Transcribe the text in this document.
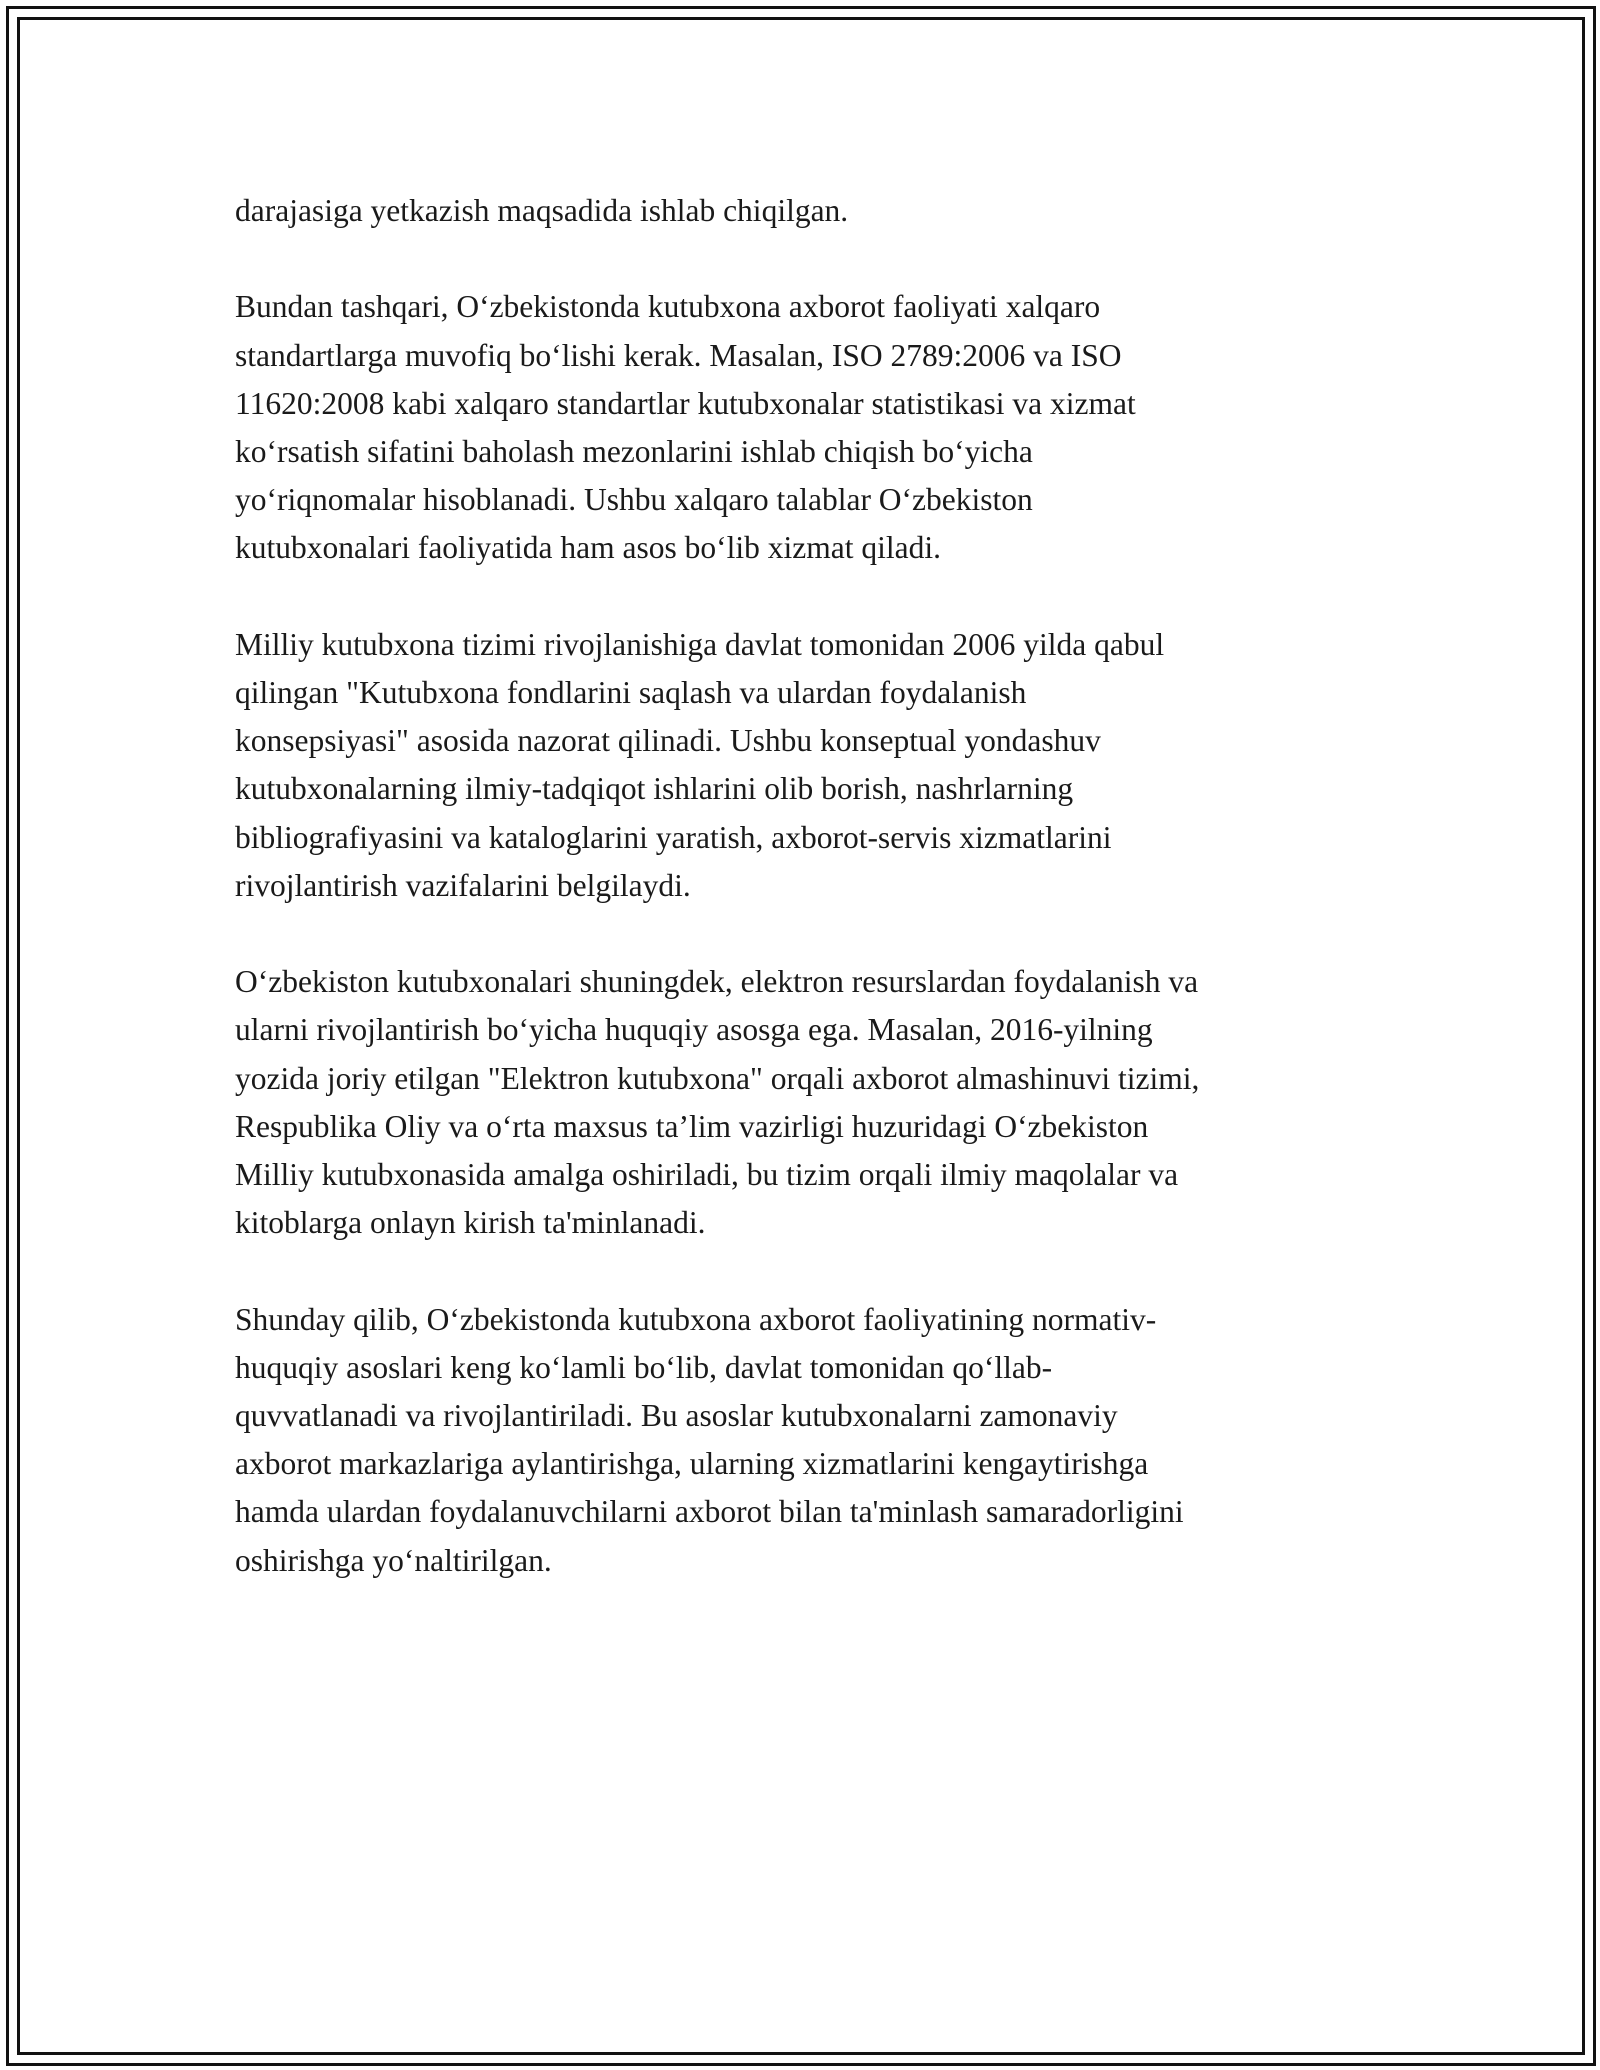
darajasiga yetkazish maqsadida ishlab chiqilgan.

Bundan tashqari, O‘zbekistonda kutubxona axborot faoliyati xalqaro
standartlarga muvofiq bo‘lishi kerak. Masalan, ISO 2789:2006 va ISO
11620:2008 kabi xalqaro standartlar kutubxonalar statistikasi va xizmat
ko‘rsatish sifatini baholash mezonlarini ishlab chiqish bo‘yicha
yo‘riqnomalar hisoblanadi. Ushbu xalqaro talablar O‘zbekiston
kutubxonalari faoliyatida ham asos bo‘lib xizmat qiladi.

Milliy kutubxona tizimi rivojlanishiga davlat tomonidan 2006 yilda qabul
qilingan "Kutubxona fondlarini saqlash va ulardan foydalanish
konsepsiyasi" asosida nazorat qilinadi. Ushbu konseptual yondashuv
kutubxonalarning ilmiy-tadqiqot ishlarini olib borish, nashrlarning
bibliografiyasini va kataloglarini yaratish, axborot-servis xizmatlarini
rivojlantirish vazifalarini belgilaydi.

O‘zbekiston kutubxonalari shuningdek, elektron resurslardan foydalanish va
ularni rivojlantirish bo‘yicha huquqiy asosga ega. Masalan, 2016-yilning
yozida joriy etilgan "Elektron kutubxona" orqali axborot almashinuvi tizimi,
Respublika Oliy va o‘rta maxsus ta’lim vazirligi huzuridagi O‘zbekiston
Milliy kutubxonasida amalga oshiriladi, bu tizim orqali ilmiy maqolalar va
kitoblarga onlayn kirish ta'minlanadi.

Shunday qilib, O‘zbekistonda kutubxona axborot faoliyatining normativ-
huquqiy asoslari keng ko‘lamli bo‘lib, davlat tomonidan qo‘llab-
quvvatlanadi va rivojlantiriladi. Bu asoslar kutubxonalarni zamonaviy
axborot markazlariga aylantirishga, ularning xizmatlarini kengaytirishga
hamda ulardan foydalanuvchilarni axborot bilan ta'minlash samaradorligini
oshirishga yo‘naltirilgan.
